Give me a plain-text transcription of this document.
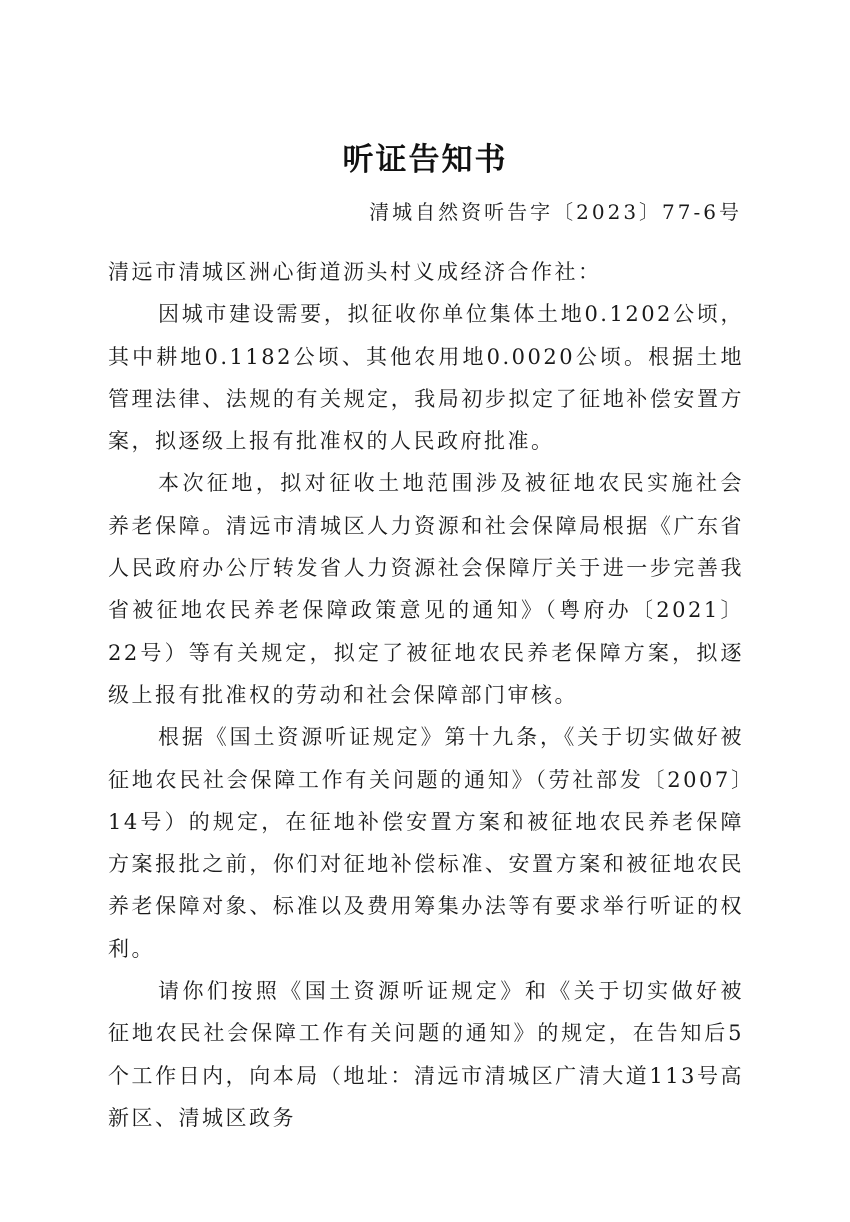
听证告知书
清城自然资听告字〔2023〕77-6号

清远市清城区洲心街道沥头村义成经济合作社：

因城市建设需要，拟征收你单位集体土地0.1202公顷，其中耕地0.1182公顷、其他农用地0.0020公顷。根据土地管理法律、法规的有关规定，我局初步拟定了征地补偿安置方案，拟逐级上报有批准权的人民政府批准。

本次征地，拟对征收土地范围涉及被征地农民实施社会养老保障。清远市清城区人力资源和社会保障局根据《广东省人民政府办公厅转发省人力资源社会保障厅关于进一步完善我省被征地农民养老保障政策意见的通知》（粤府办〔2021〕22号）等有关规定，拟定了被征地农民养老保障方案，拟逐级上报有批准权的劳动和社会保障部门审核。

根据《国土资源听证规定》第十九条，《关于切实做好被征地农民社会保障工作有关问题的通知》（劳社部发〔2007〕14号）的规定，在征地补偿安置方案和被征地农民养老保障方案报批之前，你们对征地补偿标准、安置方案和被征地农民养老保障对象、标准以及费用筹集办法等有要求举行听证的权利。

请你们按照《国土资源听证规定》和《关于切实做好被征地农民社会保障工作有关问题的通知》的规定，在告知后5个工作日内，向本局（地址：清远市清城区广清大道113号高新区、清城区政务
